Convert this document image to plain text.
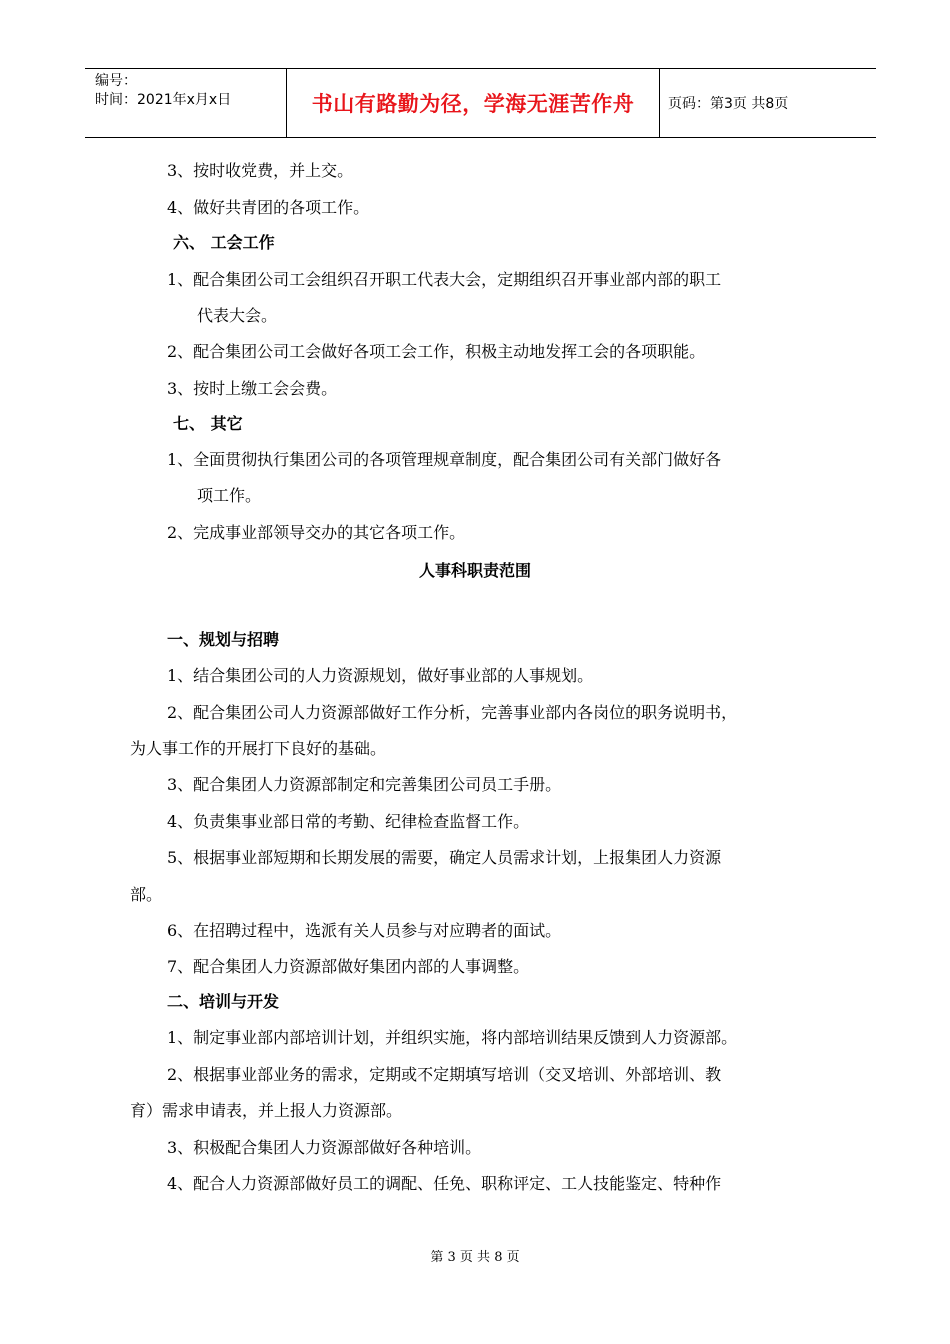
编号：
时间：2021年x月x日	书山有路勤为径，学海无涯苦作舟	页码：第3页 共8页
3、按时收党费，并上交。
4、做好共青团的各项工作。
六、 工会工作
1、配合集团公司工会组织召开职工代表大会，定期组织召开事业部内部的职工
代表大会。
2、配合集团公司工会做好各项工会工作，积极主动地发挥工会的各项职能。
3、按时上缴工会会费。
七、 其它
1、全面贯彻执行集团公司的各项管理规章制度，配合集团公司有关部门做好各
项工作。
2、完成事业部领导交办的其它各项工作。
人事科职责范围
一、规划与招聘
1、结合集团公司的人力资源规划，做好事业部的人事规划。
2、配合集团公司人力资源部做好工作分析，完善事业部内各岗位的职务说明书，
为人事工作的开展打下良好的基础。
3、配合集团人力资源部制定和完善集团公司员工手册。
4、负责集事业部日常的考勤、纪律检查监督工作。
5、根据事业部短期和长期发展的需要，确定人员需求计划，上报集团人力资源
部。
6、在招聘过程中，选派有关人员参与对应聘者的面试。
7、配合集团人力资源部做好集团内部的人事调整。
二、培训与开发
1、制定事业部内部培训计划，并组织实施，将内部培训结果反馈到人力资源部。
2、根据事业部业务的需求，定期或不定期填写培训（交叉培训、外部培训、教
育）需求申请表，并上报人力资源部。
3、积极配合集团人力资源部做好各种培训。
4、配合人力资源部做好员工的调配、任免、职称评定、工人技能鉴定、特种作
第 3 页 共 8 页
